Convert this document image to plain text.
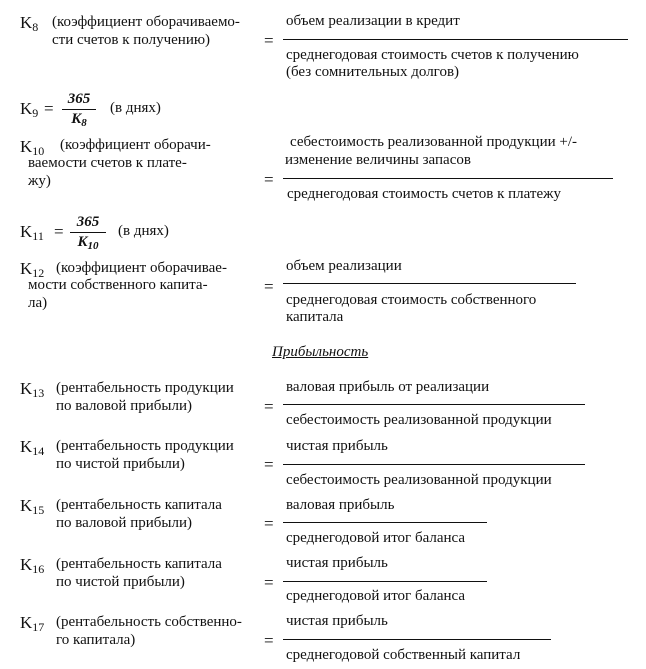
$K_8$ (коэффициент оборачиваемо-
сти счетов к получению)	=
объем реализации в кредит
среднегодовая стоимость счетов к получению
(без сомнительных долгов)
$K_9 = 365$
$K_8$
(в днях)
$K_{10}$ (коэффициент оборачи-
ваемости счетов к плате-
жу)	=
себестоимость реализованной продукции +/-
изменение величины запасов
среднегодовая стоимость счетов к платежу
$K_{11} = 365$
$K_{10}$
(в днях)
$K_{12}$ (коэффициент оборачивае-
мости собственного капита-
ла)
=
объем реализации
среднегодовая стоимость собственного
капитала
Прибыльность
$K_{13}$ (рентабельность продукции
по валовой прибыли)	=
валовая прибыль от реализации
себестоимость реализованной продукции
$K_{14}$ (рентабельность продукции
по чистой прибыли)	=
чистая прибыль
себестоимость реализованной продукции
$K_{15}$ (рентабельность капитала
по валовой прибыли)	=
валовая прибыль
среднегодовой итог баланса
$K_{16}$ (рентабельность капитала
по чистой прибыли)	=
чистая прибыль
среднегодовой итог баланса
$K_{17}$ (рентабельность собственно-
го капитала)	=
чистая прибыль
среднегодовой собственный капитал
